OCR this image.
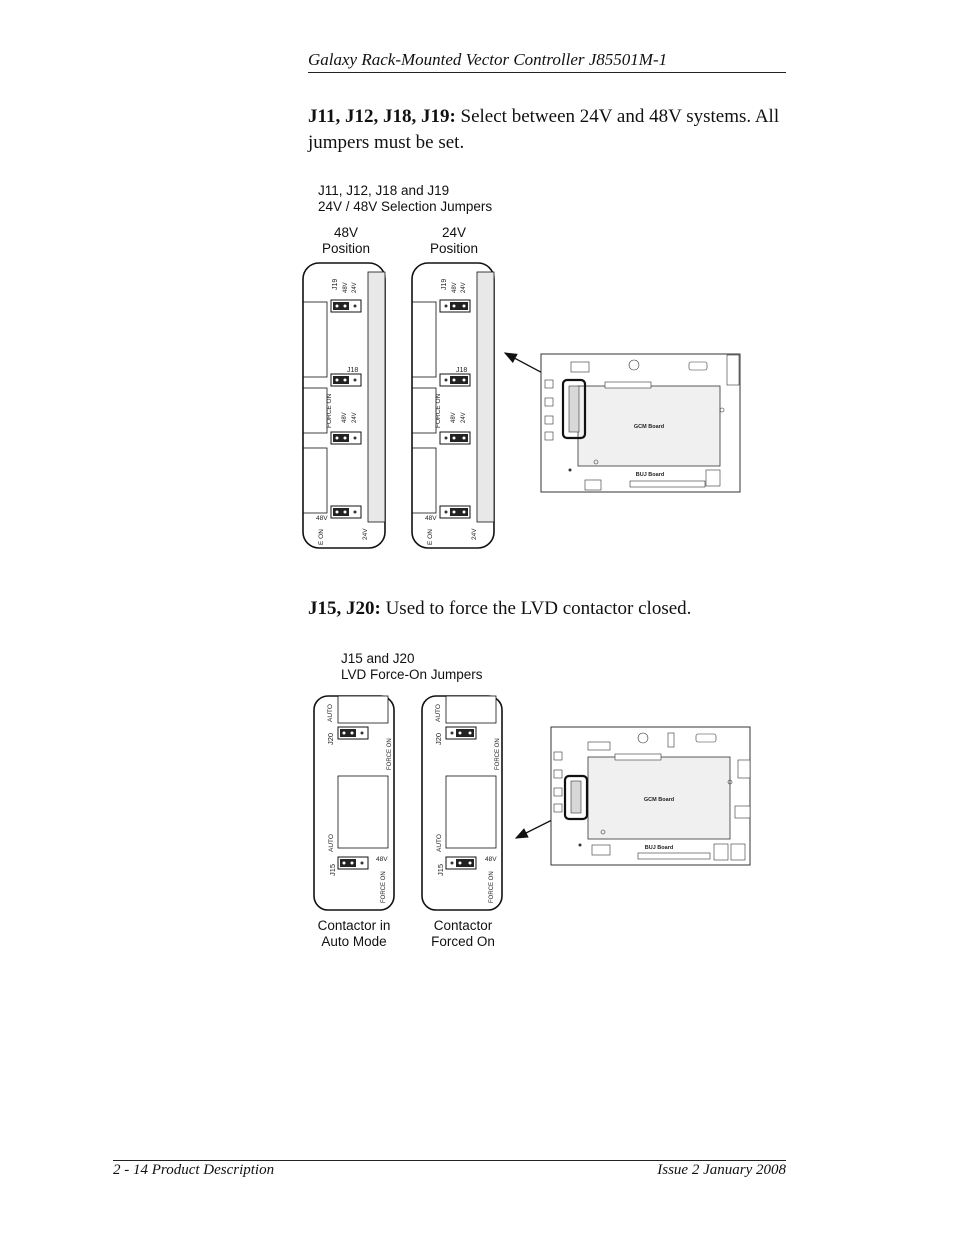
Galaxy Rack-Mounted Vector Controller J85501M-1
J11, J12, J18, J19: Select between 24V and 48V systems. All jumpers must be set.
J11, J12, J18 and J19
24V / 48V Selection Jumpers
48V
Position
24V
Position
J19 48V 24V
J18
FORCE ON 48V 24V
48V
24V
E ON
J19 48V 24V
J18
FORCE ON 48V 24V
48V
24V
E ON
GCM Board
BUJ Board
J15, J20: Used to force the LVD contactor closed.
J15 and J20
LVD Force-On Jumpers
Contactor in
Auto Mode
Contactor
Forced On
AUTO
J20	FORCE ON
AUTO
J15
48V
FORCE ON
AUTO
J20	FORCE ON
AUTO
J15
48V
FORCE ON
GCM Board
BUJ Board
2 - 14 Product Description	Issue 2 January 2008
